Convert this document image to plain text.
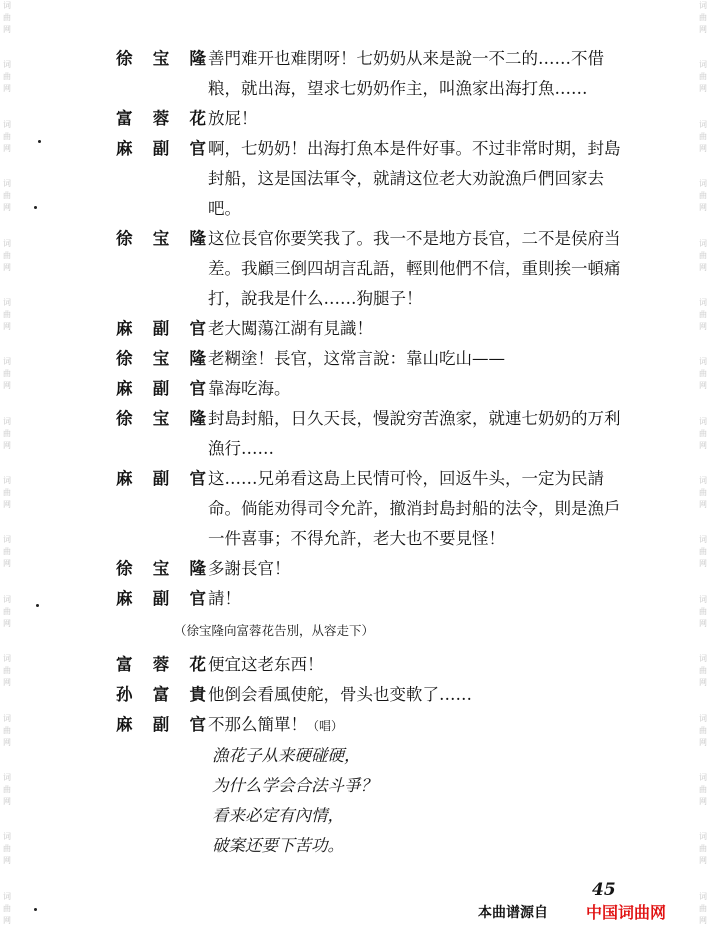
词
曲
网
词
曲
网
词
曲
网
词
曲
网
词
曲
网
词
曲
网
词
曲
网
词
曲
网
词
曲
网
词
曲
网
词
曲
网
词
曲
网
词
曲
网
词
曲
网
词
曲
网
词
曲
网
词
曲
网
词
曲
网
词
曲
网
词
曲
网
词
曲
网
词
曲
网
词
曲
网
词
曲
网
词
曲
网
词
曲
网
词
曲
网
词
曲
网
词
曲
网
词
曲
网
词
曲
网
词
曲
网
徐 宝 隆 善門难开也难閉呀！七奶奶从来是說一不二的……不借粮，就出海，望求七奶奶作主，叫漁家出海打魚……
富 蓉 花 放屁！
麻 副 官 啊，七奶奶！出海打魚本是件好事。不过非常时期，封島封船，这是国法軍令，就請这位老大劝說漁戶們回家去吧。
徐 宝 隆 这位長官你要笑我了。我一不是地方長官，二不是侯府当差。我顧三倒四胡言乱語，輕則他們不信，重則挨一頓痛打，說我是什么……狗腿子！
麻 副 官 老大闖蕩江湖有見識！
徐 宝 隆 老糊塗！長官，这常言說：靠山吃山——
麻 副 官 靠海吃海。
徐 宝 隆 封島封船，日久天長，慢說穷苦漁家，就連七奶奶的万利漁行……
麻 副 官 这……兄弟看这島上民情可怜，回返牛头，一定为民請命。倘能劝得司令允許，撤消封島封船的法令，則是漁戶一件喜事；不得允許，老大也不要見怪！
徐 宝 隆 多謝長官！
麻 副 官 請！
（徐宝隆向富蓉花告別，从容走下）
富 蓉 花 便宜这老东西！
孙 富 貴 他倒会看風使舵，骨头也变軟了……
麻 副 官 不那么簡單！（唱）
漁花子从来硬碰硬，
为什么学会合法斗爭？
看来必定有內情，
破案还要下苦功。
45
本曲谱源自 中国词曲网
